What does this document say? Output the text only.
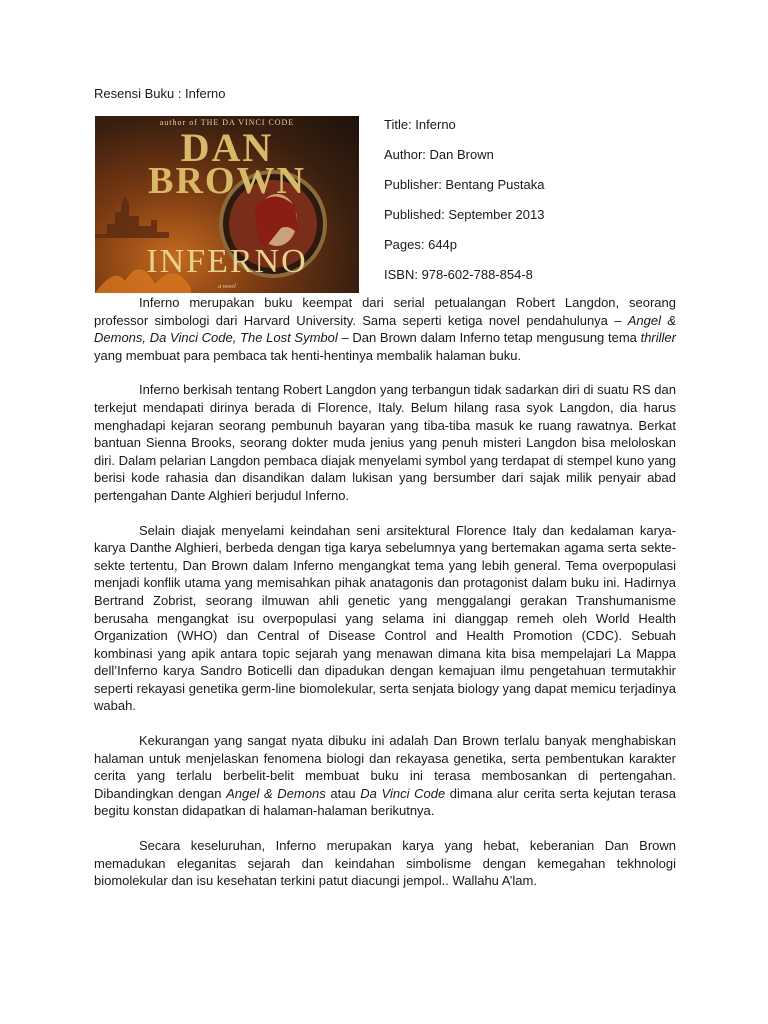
Resensi Buku : Inferno
author of THE DA VINCI CODE
DAN
BROWN
INFERNO
a novel
Title: Inferno
Author: Dan Brown
Publisher: Bentang Pustaka
Published: September 2013
Pages: 644p
ISBN: 978-602-788-854-8

Inferno merupakan buku keempat dari serial petualangan Robert Langdon, seorang professor simbologi dari Harvard University. Sama seperti ketiga novel pendahulunya – Angel & Demons, Da Vinci Code, The Lost Symbol – Dan Brown dalam Inferno tetap mengusung tema thriller yang membuat para pembaca tak henti-hentinya membalik halaman buku.

Inferno berkisah tentang Robert Langdon yang terbangun tidak sadarkan diri di suatu RS dan terkejut mendapati dirinya berada di Florence, Italy. Belum hilang rasa syok Langdon, dia harus menghadapi kejaran seorang pembunuh bayaran yang tiba-tiba masuk ke ruang rawatnya. Berkat bantuan Sienna Brooks, seorang dokter muda jenius yang penuh misteri Langdon bisa meloloskan diri. Dalam pelarian Langdon pembaca diajak menyelami symbol yang terdapat di stempel kuno yang berisi kode rahasia dan disandikan dalam lukisan yang bersumber dari sajak milik penyair abad pertengahan Dante Alghieri berjudul Inferno.

Selain diajak menyelami keindahan seni arsitektural Florence Italy dan kedalaman karya-karya Danthe Alghieri, berbeda dengan tiga karya sebelumnya yang bertemakan agama serta sekte-sekte tertentu, Dan Brown dalam Inferno mengangkat tema yang lebih general. Tema overpopulasi menjadi konflik utama yang memisahkan pihak anatagonis dan protagonist dalam buku ini. Hadirnya Bertrand Zobrist, seorang ilmuwan ahli genetic yang menggalangi gerakan Transhumanisme berusaha mengangkat isu overpopulasi yang selama ini dianggap remeh oleh World Health Organization (WHO) dan Central of Disease Control and Health Promotion (CDC). Sebuah kombinasi yang apik antara topic sejarah yang menawan dimana kita bisa mempelajari La Mappa dell’Inferno karya Sandro Boticelli dan dipadukan dengan kemajuan ilmu pengetahuan termutakhir seperti rekayasi genetika germ-line biomolekular, serta senjata biology yang dapat memicu terjadinya wabah.

Kekurangan yang sangat nyata dibuku ini adalah Dan Brown terlalu banyak menghabiskan halaman untuk menjelaskan fenomena biologi dan rekayasa genetika, serta pembentukan karakter cerita yang terlalu berbelit-belit membuat buku ini terasa membosankan di pertengahan. Dibandingkan dengan Angel & Demons atau Da Vinci Code dimana alur cerita serta kejutan terasa begitu konstan didapatkan di halaman-halaman berikutnya.

Secara keseluruhan, Inferno merupakan karya yang hebat, keberanian Dan Brown memadukan eleganitas sejarah dan keindahan simbolisme dengan kemegahan tekhnologi biomolekular dan isu kesehatan terkini patut diacungi jempol.. Wallahu A’lam.
